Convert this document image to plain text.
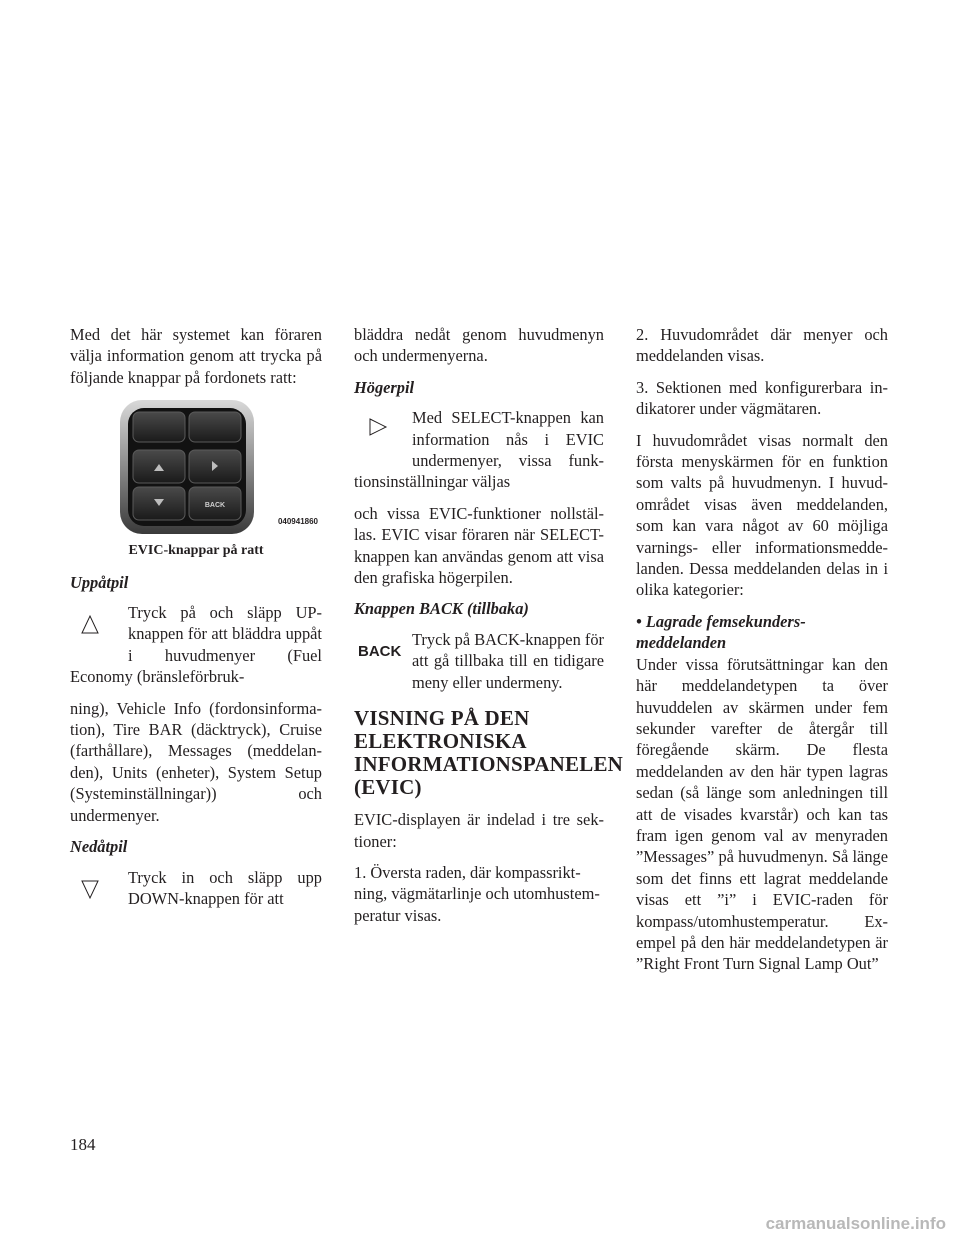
Med det här systemet kan föraren välja information genom att trycka på följande knappar på fordonets ratt:

BACK
040941860
EVIC-knappar på ratt

Uppåtpil

Tryck på och släpp UP-knappen för att bläddra uppåt i huvudmenyer (Fuel Economy (bränsleförbruk-

ning), Vehicle Info (fordonsinformation), Tire BAR (däcktryck), Cruise (farthållare), Messages (meddelanden), Units (enheter), System Setup (Systeminställningar)) och undermenyer.

Nedåtpil

Tryck in och släpp upp DOWN-knappen för att

bläddra nedåt genom huvudmenyn och undermenyerna.

Högerpil

Med SELECT-knappen kan information nås i EVIC undermenyer, vissa funktionsinställningar väljas

och vissa EVIC-funktioner nollställas. EVIC visar föraren när SELECT-knappen kan användas genom att visa den grafiska högerpilen.

Knappen BACK (tillbaka)

BACK

Tryck på BACK-knappen för att gå tillbaka till en tidigare meny eller undermeny.

VISNING PÅ DEN
ELEKTRONISKA
INFORMATIONSPANELEN
(EVIC)

EVIC-displayen är indelad i tre sektioner:

1. Översta raden, där kompassriktning, vägmätarlinje och utomhustemperatur visas.

2. Huvudområdet där menyer och meddelanden visas.

3. Sektionen med konfigurerbara indikatorer under vägmätaren.

I huvudområdet visas normalt den första menyskärmen för en funktion som valts på huvudmenyn. I huvudområdet visas även meddelanden, som kan vara något av 60 möjliga varnings- eller informationsmeddelanden. Dessa meddelanden delas in i olika kategorier:

• Lagrade femsekunders-
meddelanden

Under vissa förutsättningar kan den här meddelandetypen ta över huvuddelen av skärmen under fem sekunder varefter de återgår till föregående skärm. De flesta meddelanden av den här typen lagras sedan (så länge som anledningen till att de visades kvarstår) och kan tas fram igen genom val av menyraden ”Messages” på huvudmenyn. Så länge som det finns ett lagrat meddelande visas ett ”i” i EVIC-raden för kompass/utomhustemperatur. Exempel på den här meddelandetypen är ”Right Front Turn Signal Lamp Out”

184
carmanualsonline.info
